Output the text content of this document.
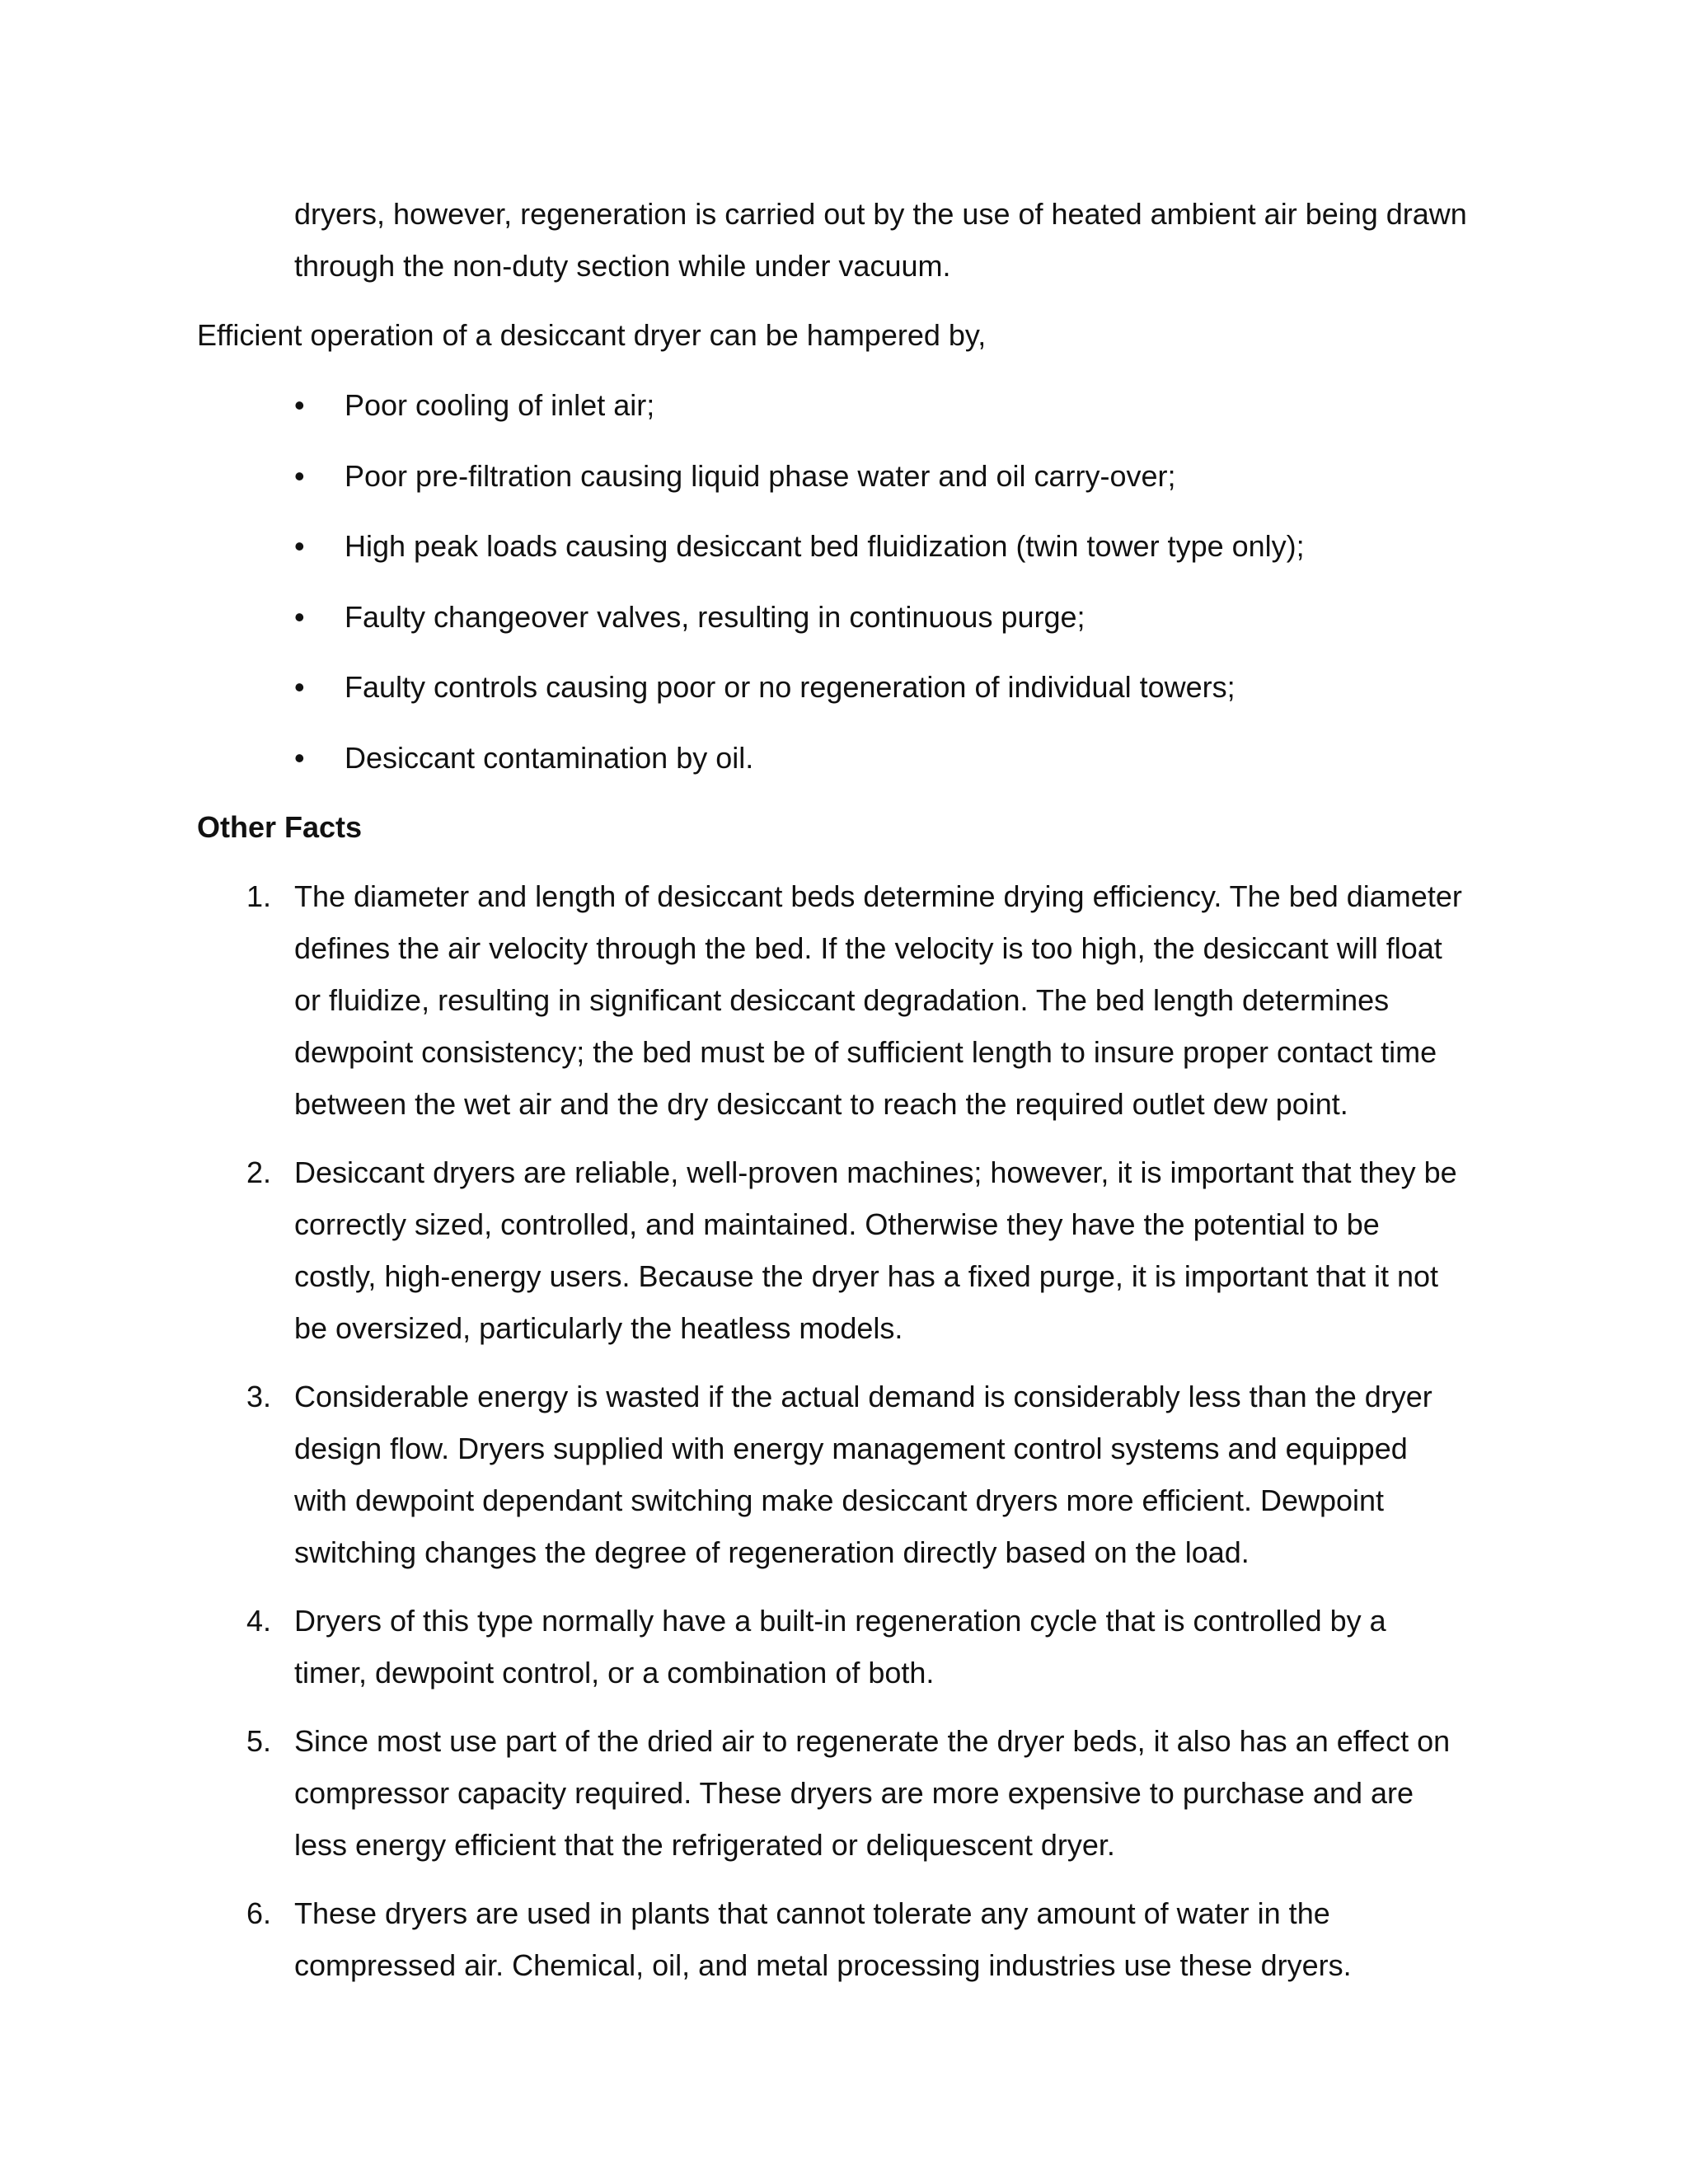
dryers, however, regeneration is carried out by the use of heated ambient air being drawn through the non-duty section while under vacuum.

Efficient operation of a desiccant dryer can be hampered by,

•	Poor cooling of inlet air;
•	Poor pre-filtration causing liquid phase water and oil carry-over;
•	High peak loads causing desiccant bed fluidization (twin tower type only);
•	Faulty changeover valves, resulting in continuous purge;
•	Faulty controls causing poor or no regeneration of individual towers;
•	Desiccant contamination by oil.

Other Facts

1. The diameter and length of desiccant beds determine drying efficiency. The bed diameter defines the air velocity through the bed. If the velocity is too high, the desiccant will float or fluidize, resulting in significant desiccant degradation. The bed length determines dewpoint consistency; the bed must be of sufficient length to insure proper contact time between the wet air and the dry desiccant to reach the required outlet dew point.
2. Desiccant dryers are reliable, well-proven machines; however, it is important that they be correctly sized, controlled, and maintained. Otherwise they have the potential to be costly, high-energy users. Because the dryer has a fixed purge, it is important that it not be oversized, particularly the heatless models.
3. Considerable energy is wasted if the actual demand is considerably less than the dryer design flow. Dryers supplied with energy management control systems and equipped with dewpoint dependant switching make desiccant dryers more efficient. Dewpoint switching changes the degree of regeneration directly based on the load.
4. Dryers of this type normally have a built-in regeneration cycle that is controlled by a timer, dewpoint control, or a combination of both.
5. Since most use part of the dried air to regenerate the dryer beds, it also has an effect on compressor capacity required. These dryers are more expensive to purchase and are less energy efficient that the refrigerated or deliquescent dryer.
6. These dryers are used in plants that cannot tolerate any amount of water in the compressed air. Chemical, oil, and metal processing industries use these dryers.
